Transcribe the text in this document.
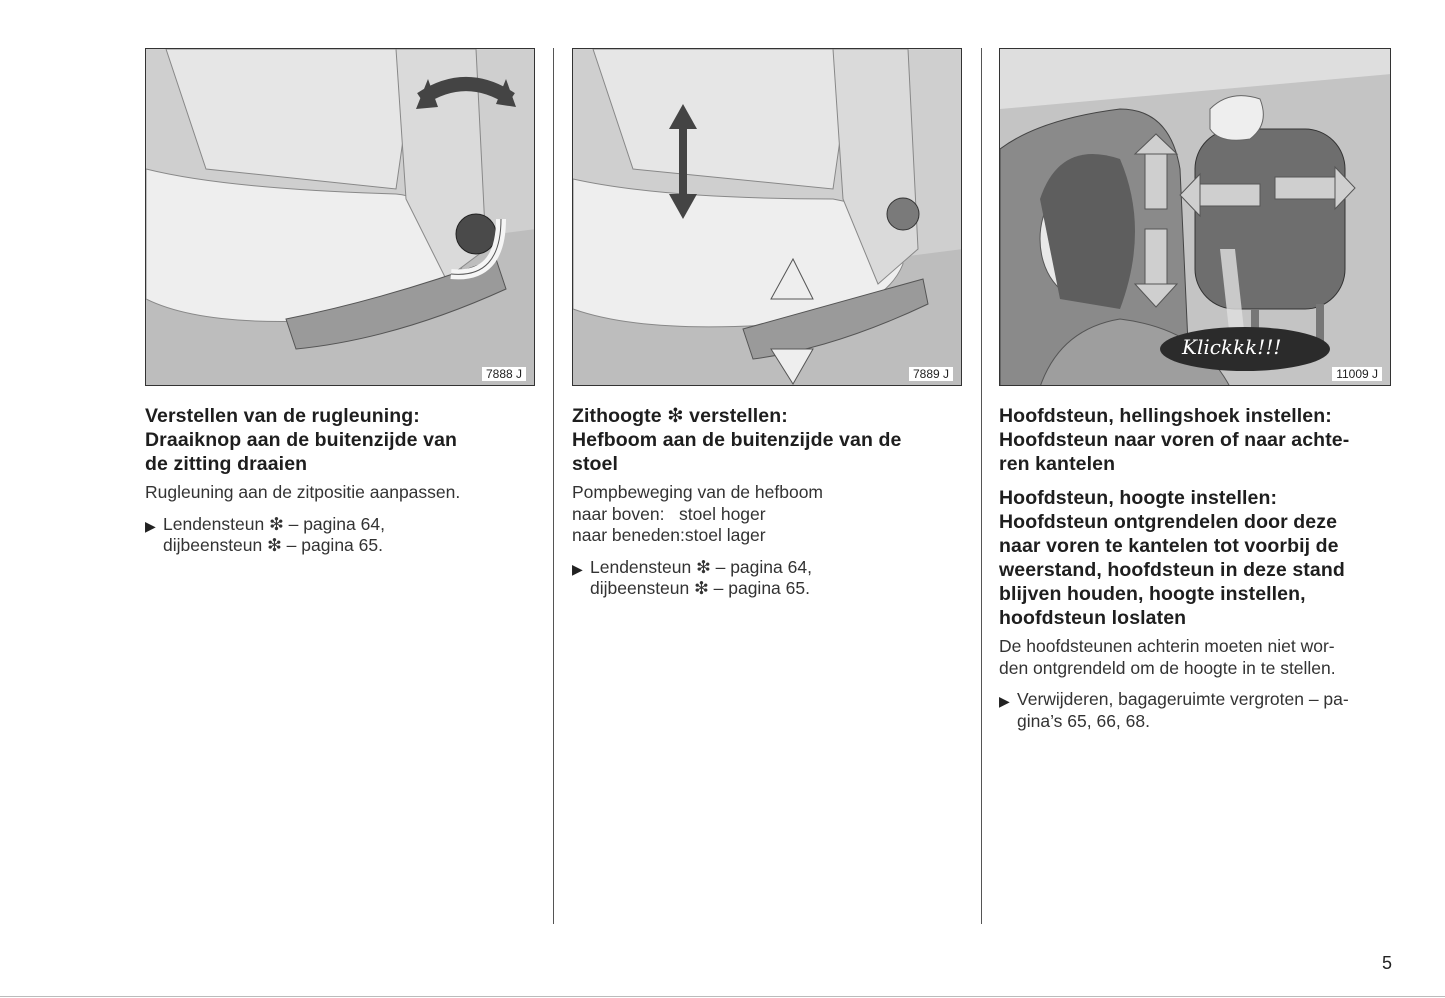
7888 J
Verstellen van de rugleuning:
Draaiknop aan de buitenzijde van
de zitting draaien

Rugleuning aan de zitpositie aanpassen.

▶ Lendensteun ❇ – pagina 64,
dijbeensteun ❇ – pagina 65.
7889 J
Zithoogte ❇ verstellen:
Hefboom aan de buitenzijde van de
stoel

Pompbeweging van de hefboom
naar boven:   stoel hoger
naar beneden:stoel lager

▶ Lendensteun ❇ – pagina 64,
dijbeensteun ❇ – pagina 65.
Klickkk!!!
11009 J
Hoofdsteun, hellingshoek instellen:
Hoofdsteun naar voren of naar achte-
ren kantelen
Hoofdsteun, hoogte instellen:
Hoofdsteun ontgrendelen door deze
naar voren te kantelen tot voorbij de
weerstand, hoofdsteun in deze stand
blijven houden, hoogte instellen,
hoofdsteun loslaten

De hoofdsteunen achterin moeten niet wor-
den ontgrendeld om de hoogte in te stellen.

▶ Verwijderen, bagageruimte vergroten – pa-
gina’s 65, 66, 68.
5
